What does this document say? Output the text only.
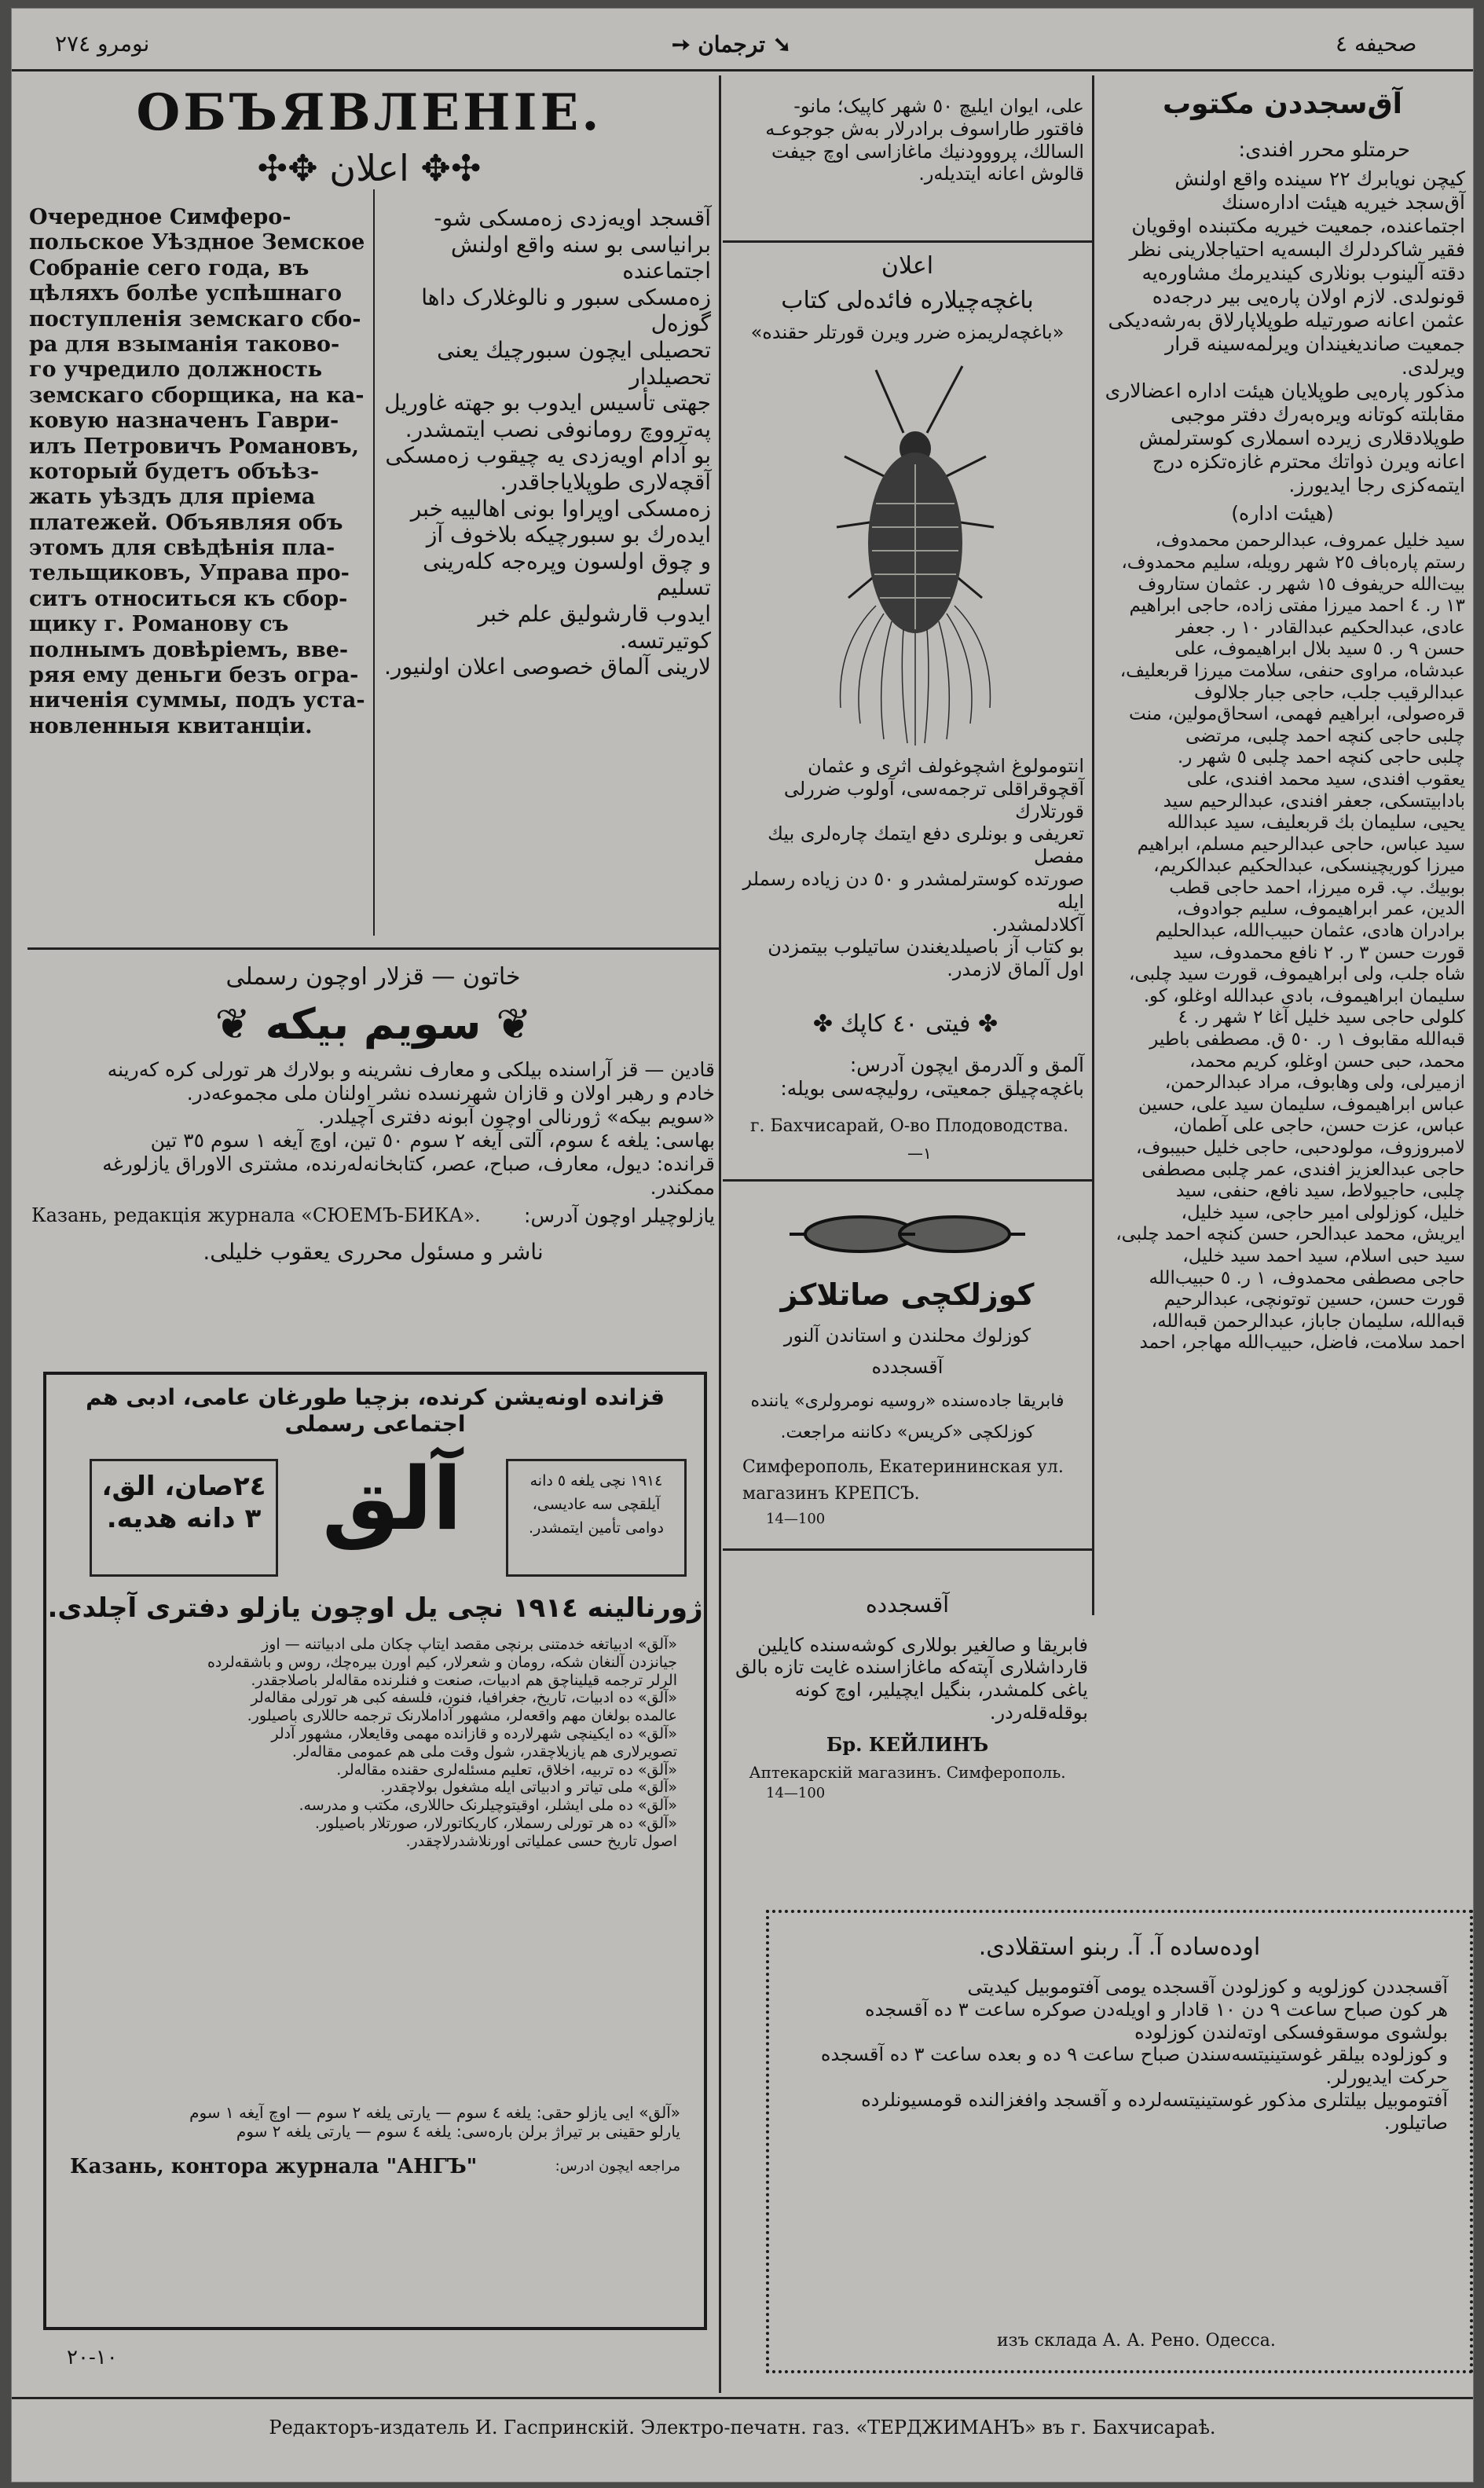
صحیفه ٤
➙ ترجمان ➘
نومرو ٢٧٤
ОБЪЯВЛЕНІЕ.
✣✥ اعلان ✥✣
Очередное Симферо-
польское Уѣздное Земское
Собраніе сего года, въ
цѣляхъ болѣе успѣшнаго
поступленія земскаго сбо-
ра для взыманія таково-
го учредило должность
земскаго сборщика, на ка-
ковую назначенъ Гаври-
илъ Петровичъ Романовъ,
который будетъ объѣз-
жать уѣздъ для пріема
платежей. Объявляя объ
этомъ для свѣдѣнія пла-
тельщиковъ, Управа про-
ситъ относиться къ сбор-
щику г. Романову съ
полнымъ довѣріемъ, вве-
ряя ему деньги безъ огра-
ниченія суммы, подъ уста-
новленныя квитанціи.
آقسجد اویەزدی زەمسکی شو-
برانیاسی بو سنه واقع اولنش اجتماعنده
زەمسکی سبور و نالوغلارک داها گوزەل
تحصیلی ایچون سبورچیك یعنی تحصیلدار
جهتی تأسیس ایدوب بو جهته غاوریل
پەترووچ رومانوفی نصب ایتمشدر.
بو آدام اویەزدی یه چیقوب زەمسکی
آقچەلاری طوپلایاجاقدر.
زەمسکی اوپراوا بونی اهالییه خبر
ایدەرك بو سبورچیکه بلاخوف آز
و چوق اولسون وپرەجه کلەرینی تسلیم
ایدوب قارشولیق علم خبر کوتیرتسه.
لارینی آلماق خصوصی اعلان اولنیور.
خاتون — قزلار اوچون رسملی
❦ سویم بیکه ❦
قادین — قز آراسنده بیلکی و معارف نشرینه و بولارك هر تورلی کره کەرینه
خادم و رهبر اولان و قازان شهرنسده نشر اولنان ملی مجموعەدر.
«سویم بیکه» ژورنالی اوچون آبونه دفتری آچیلدر.
بهاسی: یلغه ٤ سوم، آلتی آیغه ٢ سوم ٥٠ تین، اوچ آیغه ١ سوم ٣٥ تین
قرانده: دیول، معارف، صباح، عصر، کتابخانەلەرنده، مشتری الاوراق یازلورغه ممکندر.
Казань, редакція журнала «СЮЕМЪ-БИКА». یازلوچیلر اوچون آدرس:
ناشر و مسئول محرری یعقوب خلیلی.
قزانده اونەیشن کرنده، بزچیا طورغان عامی، ادبی هم اجتماعی رسملی
٢٤صان، الق، ٣ دانه هدیه. آلق	١٩١٤ نچی یلغه ٥ دانه آیلقچی سه عادیسی، دوامی تأمین ایتمشدر.
ژورنالینه ١٩١٤ نچی یل اوچون یازلو دفتری آچلدی.
«آلق» ادبیاتغه خدمتنی برنچی مقصد ایتاپ چکان ملی ادبیاتنه — اوز
جیانزدن آلنغان شکه، رومان و شعرلار، کیم اورن بیره‌چك، روس و باشقه‌لرده
الرلر ترجمه قیلیناچق هم ادبیات، صنعت و فنلرنده مقالەلر باصلاجقدر.
«آلق» ده ادبیات، تاریخ، جغرافیا، فنون، فلسفه کبی هر تورلی مقالەلر
عالمده بولغان مهم واقعه‌لر، مشهور آداملارنک ترجمه حاللاری باصیلور.
«آلق» ده ایکینچی شهرلارده و قازانده مهمی وقایعلار، مشهور آدلر
تصویرلاری هم یازیلاچقدر، شول وقت ملی هم عمومی مقالەلر.
«آلق» ده تربیه، اخلاق، تعلیم مسئلەلری حقنده مقالەلر.
«آلق» ملی تیاتر و ادبیاتی ایلە مشغول بولاچقدر.
«آلق» ده ملی ایشلر، اوقیتوچیلرنک حاللاری، مکتب و مدرسه.
«آلق» ده هر تورلی رسملار، کاریکاتورلار، صورتلار باصیلور.
اصول تاریخ حسی عملیاتی اورنلاشدرلاچقدر.
«آلق» ایی یازلو حقی: یلغه ٤ سوم — یارتی یلغه ٢ سوم — اوچ آیغه ١ سوم
یارلو حقینی بر تیراژ برلن باره‌سی: یلغه ٤ سوم — یارتی یلغه ٢ سوم
Казань, контора журнала "АНГЪ"	مراجعه ایچون ادرس:
١٠-٢٠
علی، ایوان ایلیچ ٥٠ شهر کاپیک؛ مانو-
فاقتور طاراسوف برادرلار بەش جوجوعـه
السالك، پرووودنیك ماغازاسی اوچ جیفت
قالوش اعانه ایتدیلەر.
اعلان
باغچەچیلاره فائدەلی کتاب
«باغچەلریمزه ضرر ویرن قورتلر حقنده»
انتومولوغ اشچوغولف اثری و عثمان
آقچوقراقلی ترجمه‌سی، آولوب ضررلی قورتلارك
تعریفی و بونلری دفع ایتمك چارەلری بیك مفصل
صورتده کوسترلمشدر و ٥٠ دن زیاده رسملر ایله
آکلادلمشدر.
بو کتاب آز باصیلدیغندن ساتیلوب بیتمزدن
اول آلماق لازمدر.
✤ فیتی ٤٠ کاپك ✤
آلمق و آلدرمق ایچون آدرس:
باغچەچیلق جمعیتی، رولیچەسی بویله:
г. Бахчисарай, О-во Плодоводства.
١—
کوزلکچی صاتلاکز
کوزلوك محلندن و استاندن آلنور
آقسجدده
فابریقا جاده‌سنده «روسیه نومرولری» یاننده
کوزلکچی «کریس» دکاننه مراجعت.
Симферополь, Екатерининская ул. магазинъ КРЕПСЪ.
14—100
آقسجدده
فابریقا و صالغیر بوللاری کوشه‌سنده کایلین
قارداشلاری آپتەکه ماغازاسنده غایت تازه بالق
یاغی کلمشدر، بنگیل ایچیلیر، اوچ کونه
بوقلەقلەردر.
Бр. КЕЙЛИНЪ
Аптекарскій магазинъ. Симферополь.
14—100
آق‌سجددن مکتوب
حرمتلو محرر افندی:
کیچن نویابرك ٢٢ سینده واقع اولنش
آق‌سجد خیریه هیئت ادارەسنك
اجتماعنده، جمعیت خیریه مکتبنده اوقویان
فقیر شاکردلرك البسه‌یه احتیاجلارینی نظر
دقته آلینوب بونلاری کیندیرمك مشاوره‌یه
قونولدی. لازم اولان پاره‌یی بیر درجه‌ده
عثمن اعانه صورتیله طوپلاپارلاق بەرشەدیکی
جمعیت صاندیغیندان ویرلمه‌سینه قرار ویرلدی.
مذکور پاره‌یی طوپلایان هیئت اداره اعضالاری
مقابلته کوتانه ویره‌بەرك دفتر موجبی
طوپلادقلاری زیرده اسملاری کوسترلمش
اعانه ویرن ذواتك محترم غازه‌تکزه درج
ایتمه‌کزی رجا ایدیورز.
(هیئت اداره)
سید خلیل عمروف، عبدالرحمن محمدوف،
رستم پاره‌باف ٢٥ شهر رویله، سلیم محمدوف،
بیت‌الله حریفوف ١٥ شهر ر. عثمان ستاروف
١٣ ر. ٤ احمد میرزا مفتی زاده، حاجی ابراهیم
عادی، عبدالحکیم عبدالقادر ١٠ ر. جعفر
حسن ٩ ر. ٥ سید بلال ابراهیموف، علی
عبدشاه، مراوی حنفی، سلامت میرزا قربعلیف،
عبدالرقیب جلب، حاجی جبار جلالوف
قرەصولی، ابراهیم فهمی، اسحاق‌مولین، منت
چلبی حاجی کنچه احمد چلبی، مرتضی
چلبی حاجی کنچه احمد چلبی ٥ شهر ر.
یعقوب افندی، سید محمد افندی، علی
بادابیتسکی، جعفر افندی، عبدالرحیم سید
یحیی، سلیمان بك قربعلیف، سید عبدالله
سید عباس، حاجی عبدالرحیم مسلم، ابراهیم
میرزا کوریچینسکی، عبدالحکیم عبدالکریم،
بوبیك. پ. قره میرزا، احمد حاجی قطب
الدین، عمر ابراهیموف، سلیم جوادوف،
برادران هادی، عثمان حبیب‌الله، عبدالحلیم
قورت حسن ٣ ر. ٢ نافع محمدوف، سید
شاه جلب، ولی ابراهیموف، قورت سید چلبی،
سلیمان ابراهیموف، بادی عبدالله اوغلو، کو.
کلولی حاجی سید خلیل آغا ٢ شهر ر. ٤
قبه‌الله مقابوف ١ ر. ٥٠ ق. مصطفی باطیر
محمد، حبی حسن اوغلو، کریم محمد،
ازمیرلی، ولی وهابوف، مراد عبدالرحمن،
عباس ابراهیموف، سلیمان سید علی، حسین
عباس، عزت حسن، حاجی علی آطمان،
لامبروزوف، مولودحبی، حاجی خلیل حبیبوف،
حاجی عبدالعزیز افندی، عمر چلبی مصطفی
چلبی، حاجیولاط، سید نافع، حنفی، سید
خلیل، کوزلولی امیر حاجی، سید خلیل،
ایریش، محمد عبدالحر، حسن کنچه احمد چلبی،
سید حبی اسلام، سید احمد سید خلیل،
حاجی مصطفی محمدوف، ١ ر. ٥ حبیب‌الله
قورت حسن، حسین توتونچی، عبدالرحیم
قبه‌الله، سلیمان جاباز، عبدالرحمن قبه‌الله،
احمد سلامت، فاضل، حبیب‌الله مهاجر، احمد
اوده‌سادە آ. آ. ربنو استقلادی.
آقسجددن کوزلویه و کوزلودن آقسجده یومی آفتوموبیل کیدیتی
هر کون صباح ساعت ٩ دن ١٠ قادار و اویله‌دن صوکره ساعت ٣ ده آقسجده
بولشوی موسقوفسکی اوته‌لندن کوزلوده
و کوزلوده بیلقر غوستینیتسه‌سندن صباح ساعت ٩ ده و بعده ساعت ٣ ده آقسجده
حرکت ایدیورلر.
آفتوموبیل بیلتلری مذکور غوستینیتسه‌لرده و آقسجد وافغزالنده قومسیونلرده
صاتیلور.
изъ склада А. А. Рено. Одесса.
Редакторъ-издатель И. Гаспринскій. Электро-печатн. газ. «ТЕРДЖИМАНЪ» въ г. Бахчисараѣ.
